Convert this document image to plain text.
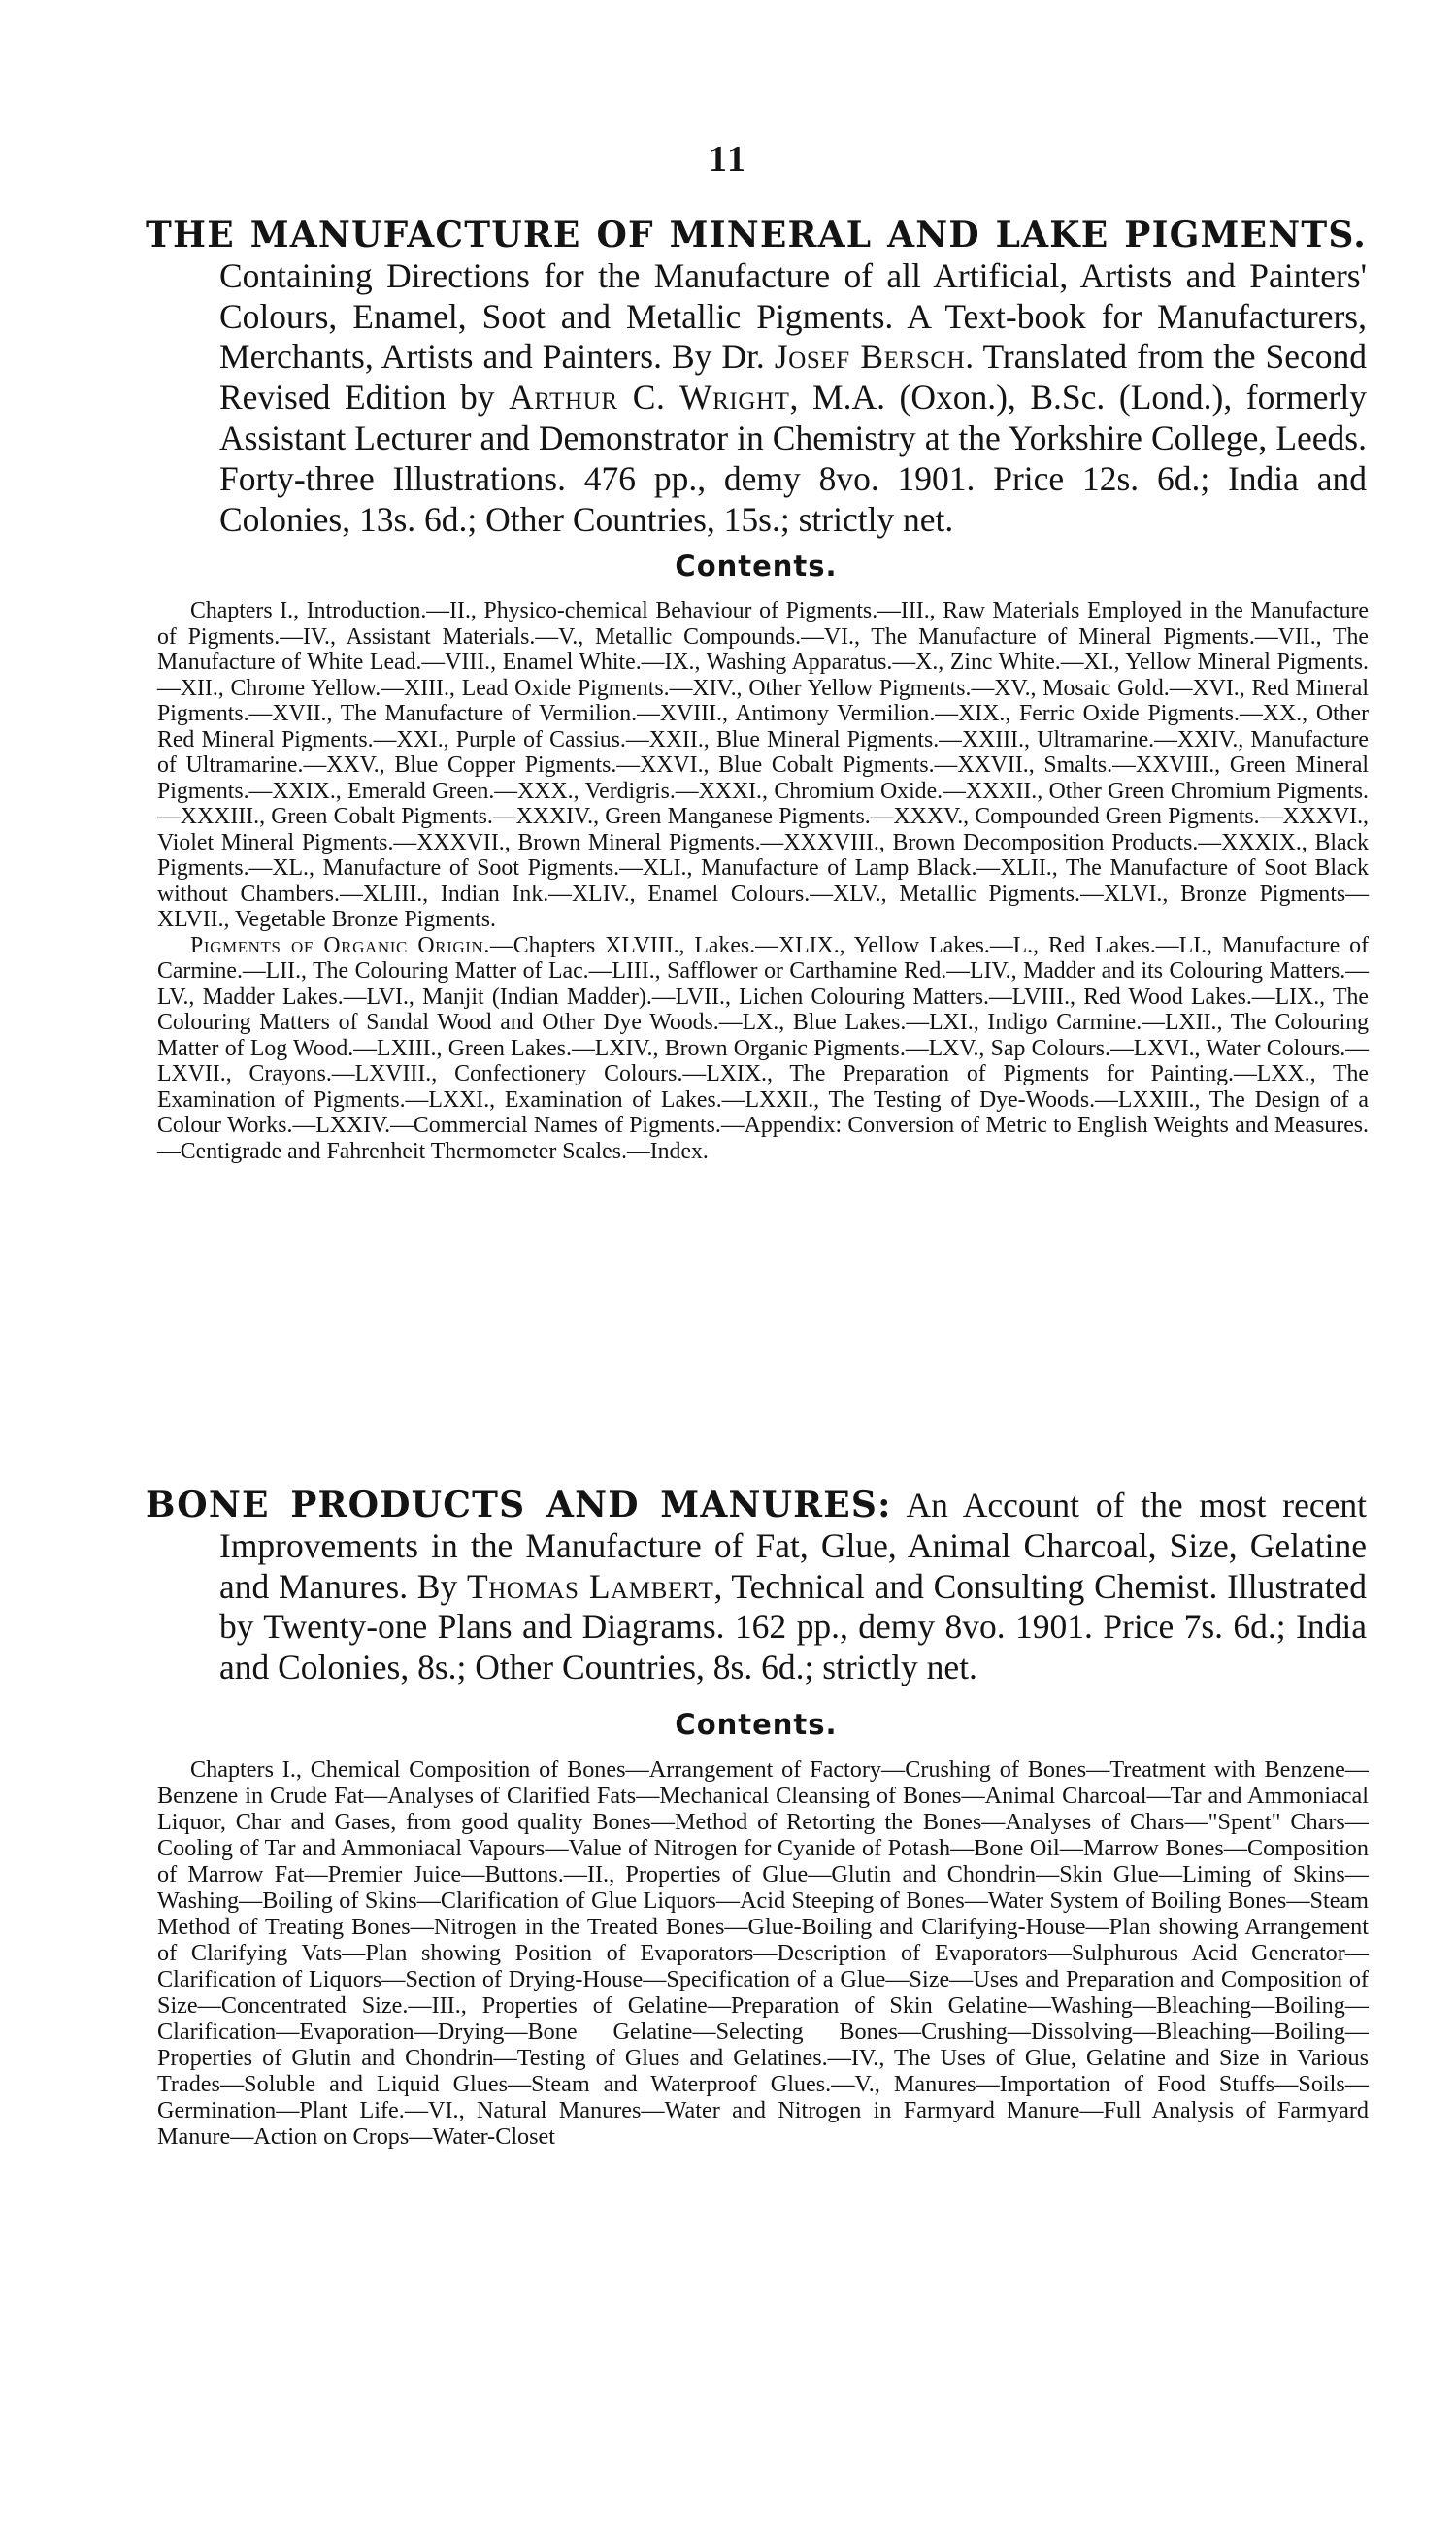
11

THE MANUFACTURE OF MINERAL AND LAKE PIGMENTS. Containing Directions for the Manufacture of all Artificial, Artists and Painters' Colours, Enamel, Soot and Metallic Pigments. A Text-book for Manufacturers, Merchants, Artists and Painters. By Dr. Josef Bersch. Translated from the Second Revised Edition by Arthur C. Wright, M.A. (Oxon.), B.Sc. (Lond.), formerly Assistant Lecturer and Demonstrator in Chemistry at the Yorkshire College, Leeds. Forty-three Illustrations. 476 pp., demy 8vo. 1901. Price 12s. 6d.; India and Colonies, 13s. 6d.; Other Countries, 15s.; strictly net.

Contents.

Chapters I., Introduction.—II., Physico-chemical Behaviour of Pigments.—III., Raw Materials Employed in the Manufacture of Pigments.—IV., Assistant Materials.—V., Metallic Compounds.—VI., The Manufacture of Mineral Pigments.—VII., The Manufacture of White Lead.—VIII., Enamel White.—IX., Washing Apparatus.—X., Zinc White.—XI., Yellow Mineral Pigments.—XII., Chrome Yellow.—XIII., Lead Oxide Pigments.—XIV., Other Yellow Pigments.—XV., Mosaic Gold.—XVI., Red Mineral Pigments.—XVII., The Manufacture of Vermilion.—XVIII., Antimony Vermilion.—XIX., Ferric Oxide Pigments.—XX., Other Red Mineral Pigments.—XXI., Purple of Cassius.—XXII., Blue Mineral Pigments.—XXIII., Ultramarine.—XXIV., Manufacture of Ultramarine.—XXV., Blue Copper Pigments.—XXVI., Blue Cobalt Pigments.—XXVII., Smalts.—XXVIII., Green Mineral Pigments.—XXIX., Emerald Green.—XXX., Verdigris.—XXXI., Chromium Oxide.—XXXII., Other Green Chromium Pigments.—XXXIII., Green Cobalt Pigments.—XXXIV., Green Manganese Pigments.—XXXV., Compounded Green Pigments.—XXXVI., Violet Mineral Pigments.—XXXVII., Brown Mineral Pigments.—XXXVIII., Brown Decomposition Products.—XXXIX., Black Pigments.—XL., Manufacture of Soot Pigments.—XLI., Manufacture of Lamp Black.—XLII., The Manufacture of Soot Black without Chambers.—XLIII., Indian Ink.—XLIV., Enamel Colours.—XLV., Metallic Pigments.—XLVI., Bronze Pigments—XLVII., Vegetable Bronze Pigments.

Pigments of Organic Origin.—Chapters XLVIII., Lakes.—XLIX., Yellow Lakes.—L., Red Lakes.—LI., Manufacture of Carmine.—LII., The Colouring Matter of Lac.—LIII., Safflower or Carthamine Red.—LIV., Madder and its Colouring Matters.—LV., Madder Lakes.—LVI., Manjit (Indian Madder).—LVII., Lichen Colouring Matters.—LVIII., Red Wood Lakes.—LIX., The Colouring Matters of Sandal Wood and Other Dye Woods.—LX., Blue Lakes.—LXI., Indigo Carmine.—LXII., The Colouring Matter of Log Wood.—LXIII., Green Lakes.—LXIV., Brown Organic Pigments.—LXV., Sap Colours.—LXVI., Water Colours.—LXVII., Crayons.—LXVIII., Confectionery Colours.—LXIX., The Preparation of Pigments for Painting.—LXX., The Examination of Pigments.—LXXI., Examination of Lakes.—LXXII., The Testing of Dye-Woods.—LXXIII., The Design of a Colour Works.—LXXIV.—Commercial Names of Pigments.—Appendix: Conversion of Metric to English Weights and Measures.—Centigrade and Fahrenheit Thermometer Scales.—Index.

BONE PRODUCTS AND MANURES: An Account of the most recent Improvements in the Manufacture of Fat, Glue, Animal Charcoal, Size, Gelatine and Manures. By Thomas Lambert, Technical and Consulting Chemist. Illustrated by Twenty-one Plans and Diagrams. 162 pp., demy 8vo. 1901. Price 7s. 6d.; India and Colonies, 8s.; Other Countries, 8s. 6d.; strictly net.

Contents.

Chapters I., Chemical Composition of Bones—Arrangement of Factory—Crushing of Bones—Treatment with Benzene—Benzene in Crude Fat—Analyses of Clarified Fats—Mechanical Cleansing of Bones—Animal Charcoal—Tar and Ammoniacal Liquor, Char and Gases, from good quality Bones—Method of Retorting the Bones—Analyses of Chars—"Spent" Chars—Cooling of Tar and Ammoniacal Vapours—Value of Nitrogen for Cyanide of Potash—Bone Oil—Marrow Bones—Composition of Marrow Fat—Premier Juice—Buttons.—II., Properties of Glue—Glutin and Chondrin—Skin Glue—Liming of Skins—Washing—Boiling of Skins—Clarification of Glue Liquors—Acid Steeping of Bones—Water System of Boiling Bones—Steam Method of Treating Bones—Nitrogen in the Treated Bones—Glue-Boiling and Clarifying-House—Plan showing Arrangement of Clarifying Vats—Plan showing Position of Evaporators—Description of Evaporators—Sulphurous Acid Generator—Clarification of Liquors—Section of Drying-House—Specification of a Glue—Size—Uses and Preparation and Composition of Size—Concentrated Size.—III., Properties of Gelatine—Preparation of Skin Gelatine—Washing—Bleaching—Boiling—Clarification—Evaporation—Drying—Bone Gelatine—Selecting Bones—Crushing—Dissolving—Bleaching—Boiling—Properties of Glutin and Chondrin—Testing of Glues and Gelatines.—IV., The Uses of Glue, Gelatine and Size in Various Trades—Soluble and Liquid Glues—Steam and Waterproof Glues.—V., Manures—Importation of Food Stuffs—Soils—Germination—Plant Life.—VI., Natural Manures—Water and Nitrogen in Farmyard Manure—Full Analysis of Farmyard Manure—Action on Crops—Water-Closet
